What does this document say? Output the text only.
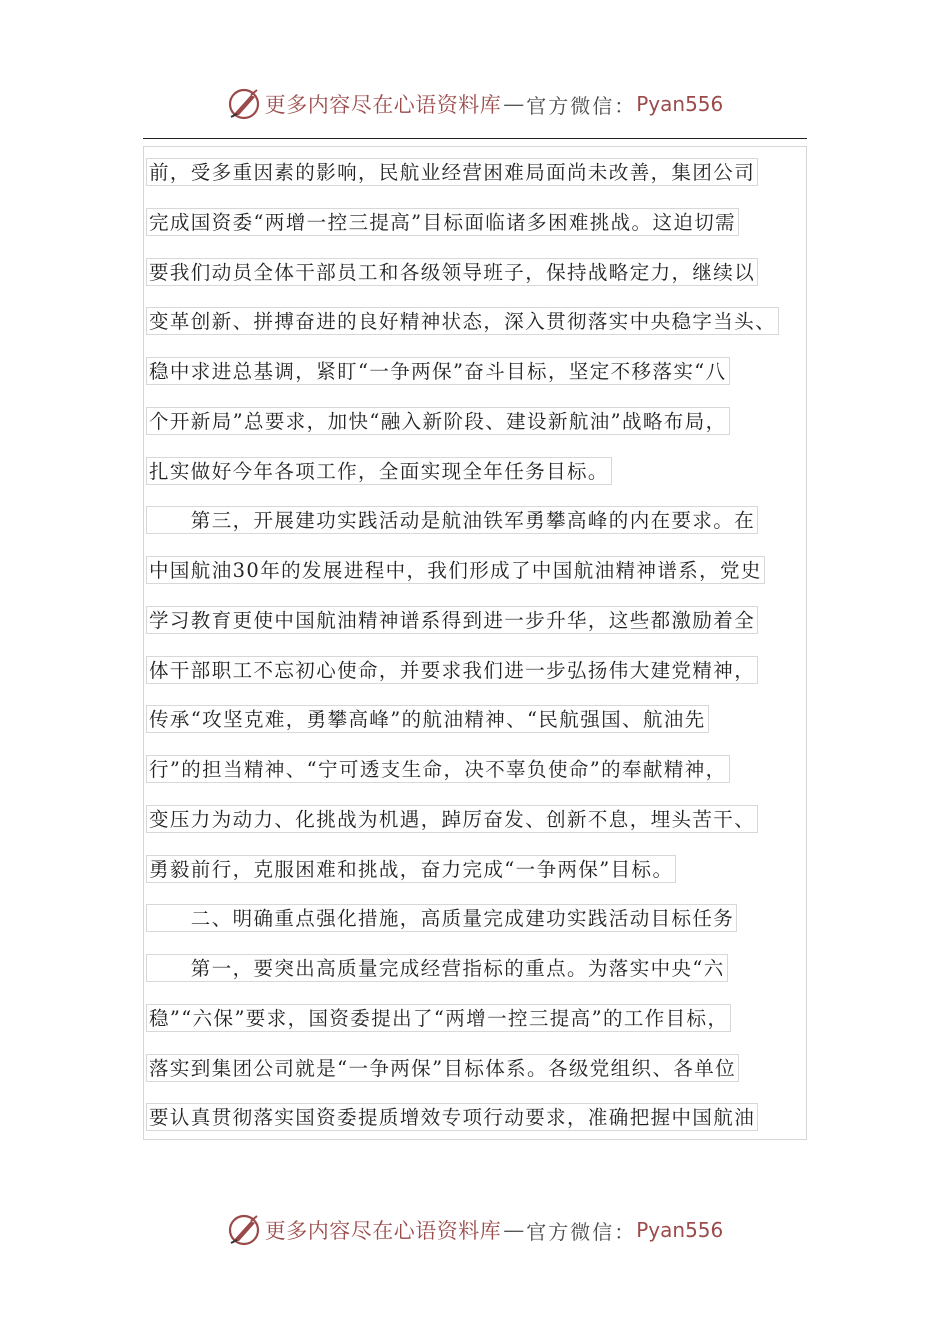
更多内容尽在心语资料库 — 官方微信： Pyan556
前，受多重因素的影响，民航业经营困难局面尚未改善，集团公司
完成国资委“两增一控三提高”目标面临诸多困难挑战。这迫切需
要我们动员全体干部员工和各级领导班子，保持战略定力，继续以
变革创新、拼搏奋进的良好精神状态，深入贯彻落实中央稳字当头、
稳中求进总基调，紧盯“一争两保”奋斗目标，坚定不移落实“八
个开新局”总要求，加快“融入新阶段、建设新航油”战略布局，
扎实做好今年各项工作，全面实现全年任务目标。
　　第三，开展建功实践活动是航油铁军勇攀高峰的内在要求。在
中国航油30年的发展进程中，我们形成了中国航油精神谱系，党史
学习教育更使中国航油精神谱系得到进一步升华，这些都激励着全
体干部职工不忘初心使命，并要求我们进一步弘扬伟大建党精神，
传承“攻坚克难，勇攀高峰”的航油精神、“民航强国、航油先
行”的担当精神、“宁可透支生命，决不辜负使命”的奉献精神，
变压力为动力、化挑战为机遇，踔厉奋发、创新不息，埋头苦干、
勇毅前行，克服困难和挑战，奋力完成“一争两保”目标。
　　二、明确重点强化措施，高质量完成建功实践活动目标任务
　　第一，要突出高质量完成经营指标的重点。为落实中央“六
稳”“六保”要求，国资委提出了“两增一控三提高”的工作目标，
落实到集团公司就是“一争两保”目标体系。各级党组织、各单位
要认真贯彻落实国资委提质增效专项行动要求，准确把握中国航油
更多内容尽在心语资料库 — 官方微信： Pyan556
